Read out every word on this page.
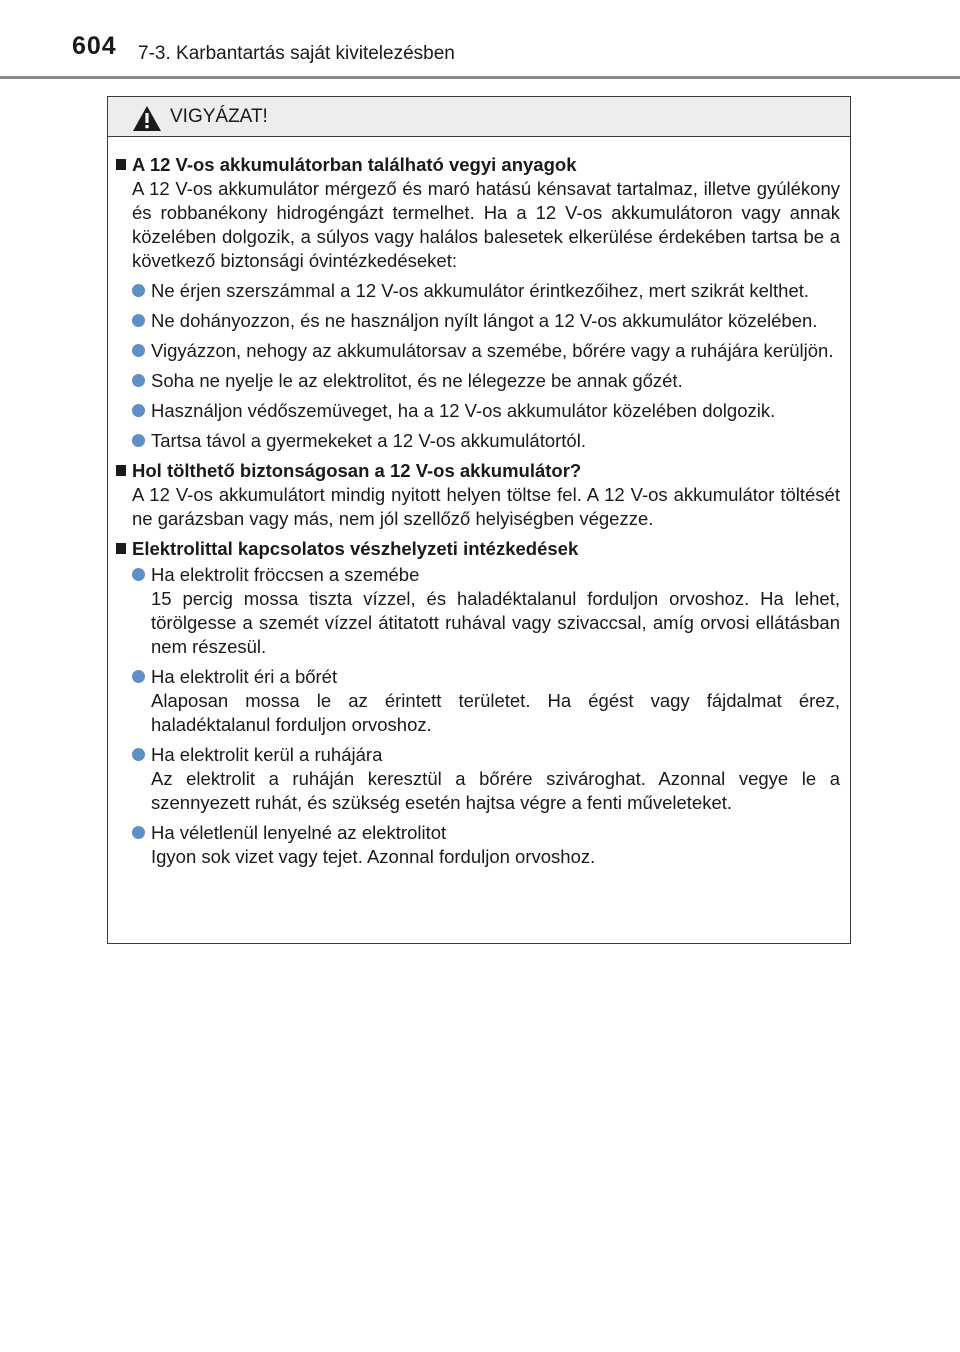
604 7-3. Karbantartás saját kivitelezésben
VIGYÁZAT!
A 12 V-os akkumulátorban található vegyi anyagok
A 12 V-os akkumulátor mérgező és maró hatású kénsavat tartalmaz, illetve gyúlékony és robbanékony hidrogéngázt termelhet. Ha a 12 V-os akkumulátoron vagy annak közelében dolgozik, a súlyos vagy halálos balesetek elkerülése érdekében tartsa be a következő biztonsági óvintézkedéseket:
Ne érjen szerszámmal a 12 V-os akkumulátor érintkezőihez, mert szikrát kelthet.
Ne dohányozzon, és ne használjon nyílt lángot a 12 V-os akkumulátor közelében.
Vigyázzon, nehogy az akkumulátorsav a szemébe, bőrére vagy a ruhájára kerüljön.
Soha ne nyelje le az elektrolitot, és ne lélegezze be annak gőzét.
Használjon védőszemüveget, ha a 12 V-os akkumulátor közelében dolgozik.
Tartsa távol a gyermekeket a 12 V-os akkumulátortól.
Hol tölthető biztonságosan a 12 V-os akkumulátor?
A 12 V-os akkumulátort mindig nyitott helyen töltse fel. A 12 V-os akkumulátor töltését ne garázsban vagy más, nem jól szellőző helyiségben végezze.
Elektrolittal kapcsolatos vészhelyzeti intézkedések
Ha elektrolit fröccsen a szemébe
15 percig mossa tiszta vízzel, és haladéktalanul forduljon orvoshoz. Ha lehet, törölgesse a szemét vízzel átitatott ruhával vagy szivaccsal, amíg orvosi ellátásban nem részesül.
Ha elektrolit éri a bőrét
Alaposan mossa le az érintett területet. Ha égést vagy fájdalmat érez, haladéktalanul forduljon orvoshoz.
Ha elektrolit kerül a ruhájára
Az elektrolit a ruháján keresztül a bőrére szivároghat. Azonnal vegye le a szennyezett ruhát, és szükség esetén hajtsa végre a fenti műveleteket.
Ha véletlenül lenyelné az elektrolitot
Igyon sok vizet vagy tejet. Azonnal forduljon orvoshoz.
